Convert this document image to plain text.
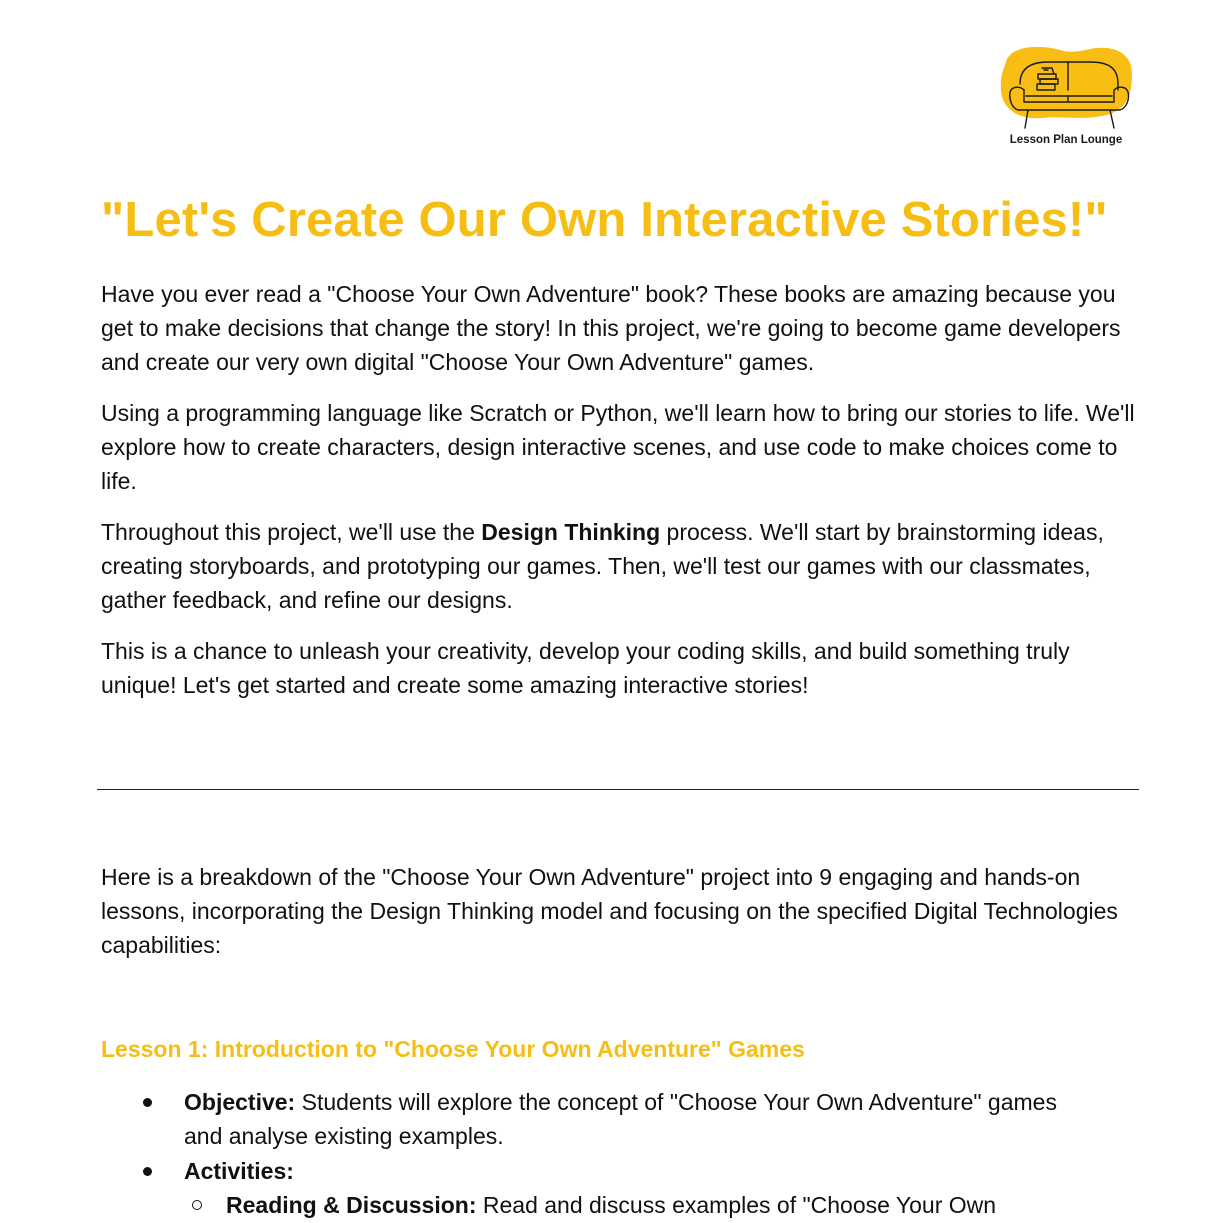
Lesson Plan Lounge
"Let's Create Our Own Interactive Stories!"

Have you ever read a "Choose Your Own Adventure" book? These books are amazing because you get to make decisions that change the story! In this project, we're going to become game developers and create our very own digital "Choose Your Own Adventure" games.

Using a programming language like Scratch or Python, we'll learn how to bring our stories to life. We'll explore how to create characters, design interactive scenes, and use code to make choices come to life.

Throughout this project, we'll use the Design Thinking process. We'll start by brainstorming ideas, creating storyboards, and prototyping our games. Then, we'll test our games with our classmates, gather feedback, and refine our designs.

This is a chance to unleash your creativity, develop your coding skills, and build something truly unique! Let's get started and create some amazing interactive stories!

Here is a breakdown of the "Choose Your Own Adventure" project into 9 engaging and hands-on lessons, incorporating the Design Thinking model and focusing on the specified Digital Technologies capabilities:

Lesson 1: Introduction to "Choose Your Own Adventure" Games
Objective: Students will explore the concept of "Choose Your Own Adventure" games and analyse existing examples.
Activities:
Reading & Discussion: Read and discuss examples of "Choose Your Own
